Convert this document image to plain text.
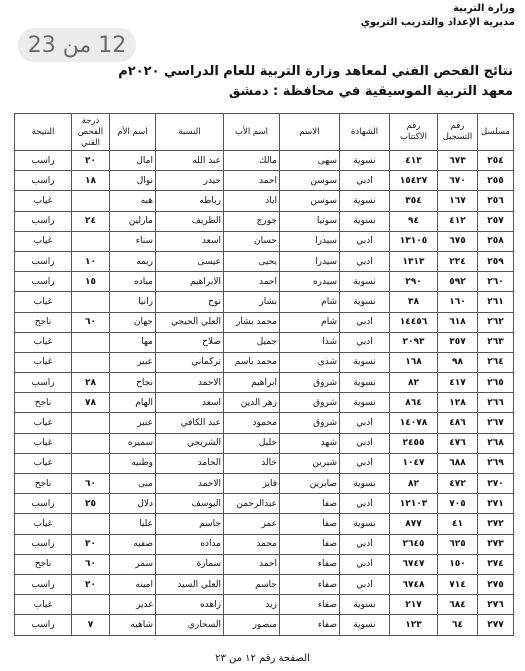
وزارة التربية
مديرية الإعداد والتدريب التربوي
12 من 23
نتائج الفحص الفني لمعاهد وزارة التربية للعام الدراسي ٢٠٢٠م
معهد التربية الموسيقية في محافظة : دمشق
مسلسل	رقم التسجيل	رقم الاكتتاب	الشهادة	الاسم	اسم الأب	النسبة	اسم الأم	درجة الفحص الفني	النتيجة
٢٥٤	٦٧٣	٤١٣	نسوية	سهى	مالك	عبد الله	امال	٢٠	راسب
٢٥٥	٦٧٠	١٥٤٢٧	ادبي	سوسن	احمد	حيدر	نوال	١٨	راسب
٢٥٦	١٦٧	٣٥٤	نسوية	سوسن	اياد	رباطه	هبه		غياب
٢٥٧	٤١٢	٩٤	نسوية	سونيا	جورج	الظريف	مارلين	٢٤	راسب
٢٥٨	٦٧٥	١٣١٠٥	ادبي	سيدرا	حسان	اسعد	سناء		غياب
٢٥٩	٢٢٤	١٣١٣	ادبي	سيدرا	يحيى	عيسى	ريمه	١٠	راسب
٢٦٠	٥٩٢	٢٩٠	نسوية	سيدره	احمد	الابراهيم	مياده	١٥	راسب
٢٦١	١٦٠	٣٨	نسوية	شام	بشار	نوح	رانيا		غياب
٢٦٢	٦١٨	١٤٤٥٦	ادبي	شام	محمد بشار	العلي الحيجي	جهان	٦٠	ناجح
٢٦٣	٣٥٧	٢٠٩٣	ادبي	شذا	جميل	صلاح	مها		غياب
٢٦٤	٩٨	١٦٨	نسوية	شذى	محمد باسم	تركماني	عبير		غياب
٢٦٥	٤١٧	٨٢	نسوية	شروق	ابراهيم	الاحمد	نجاح	٢٨	راسب
٢٦٦	١٢٨	٨٦٤	نسوية	شروق	زهر الدين	اسعد	الهام	٧٨	ناجح
٢٦٧	٤٨٦	١٤٠٧٨	ادبي	شروق	محمود	عبد الكافي	عبير		غياب
٢٦٨	٤٧٦	٢٤٥٥	ادبي	شهد	خليل	الشريحي	سميره		غياب
٢٦٩	٦٨٨	١٠٤٧	ادبي	شيرين	خالد	الحامد	وطنيه		غياب
٢٧٠	٤٧٢	٨٢	نسوية	صابرين	فايز	الاحمد	منى	٦٠	ناجح
٢٧١	٧٠٥	١٢١٠٣	ادبي	صفا	عبدالرحمن	اليوسف	دلال	٢٥	راسب
٢٧٢	٤١	٨٧٧	نسوية	صفا	عمر	جاسم	عليا		غياب
٢٧٣	٦٢٥	٢٦٤٥	ادبي	صفا	محمد	مداده	صفيه	٢٠	راسب
٢٧٤	١٥٠	٦٧٤٧	ادبي	صفاء	احمد	سمارة	سمر	٦٠	ناجح
٢٧٥	٧١٤	٦٧٤٨	ادبي	صفاء	جاسم	العلي السيد	امينه	٢٠	راسب
٢٧٦	٦٨٤	٢١٧	نسوية	صفاء	زيد	زاهده	غدير		غياب
٢٧٧	٦٤	١٢٣	نسوية	صفاء	منصور	السحاري	شاهيه	٧	راسب
الصفحة رقم ١٢ من ٢٣
